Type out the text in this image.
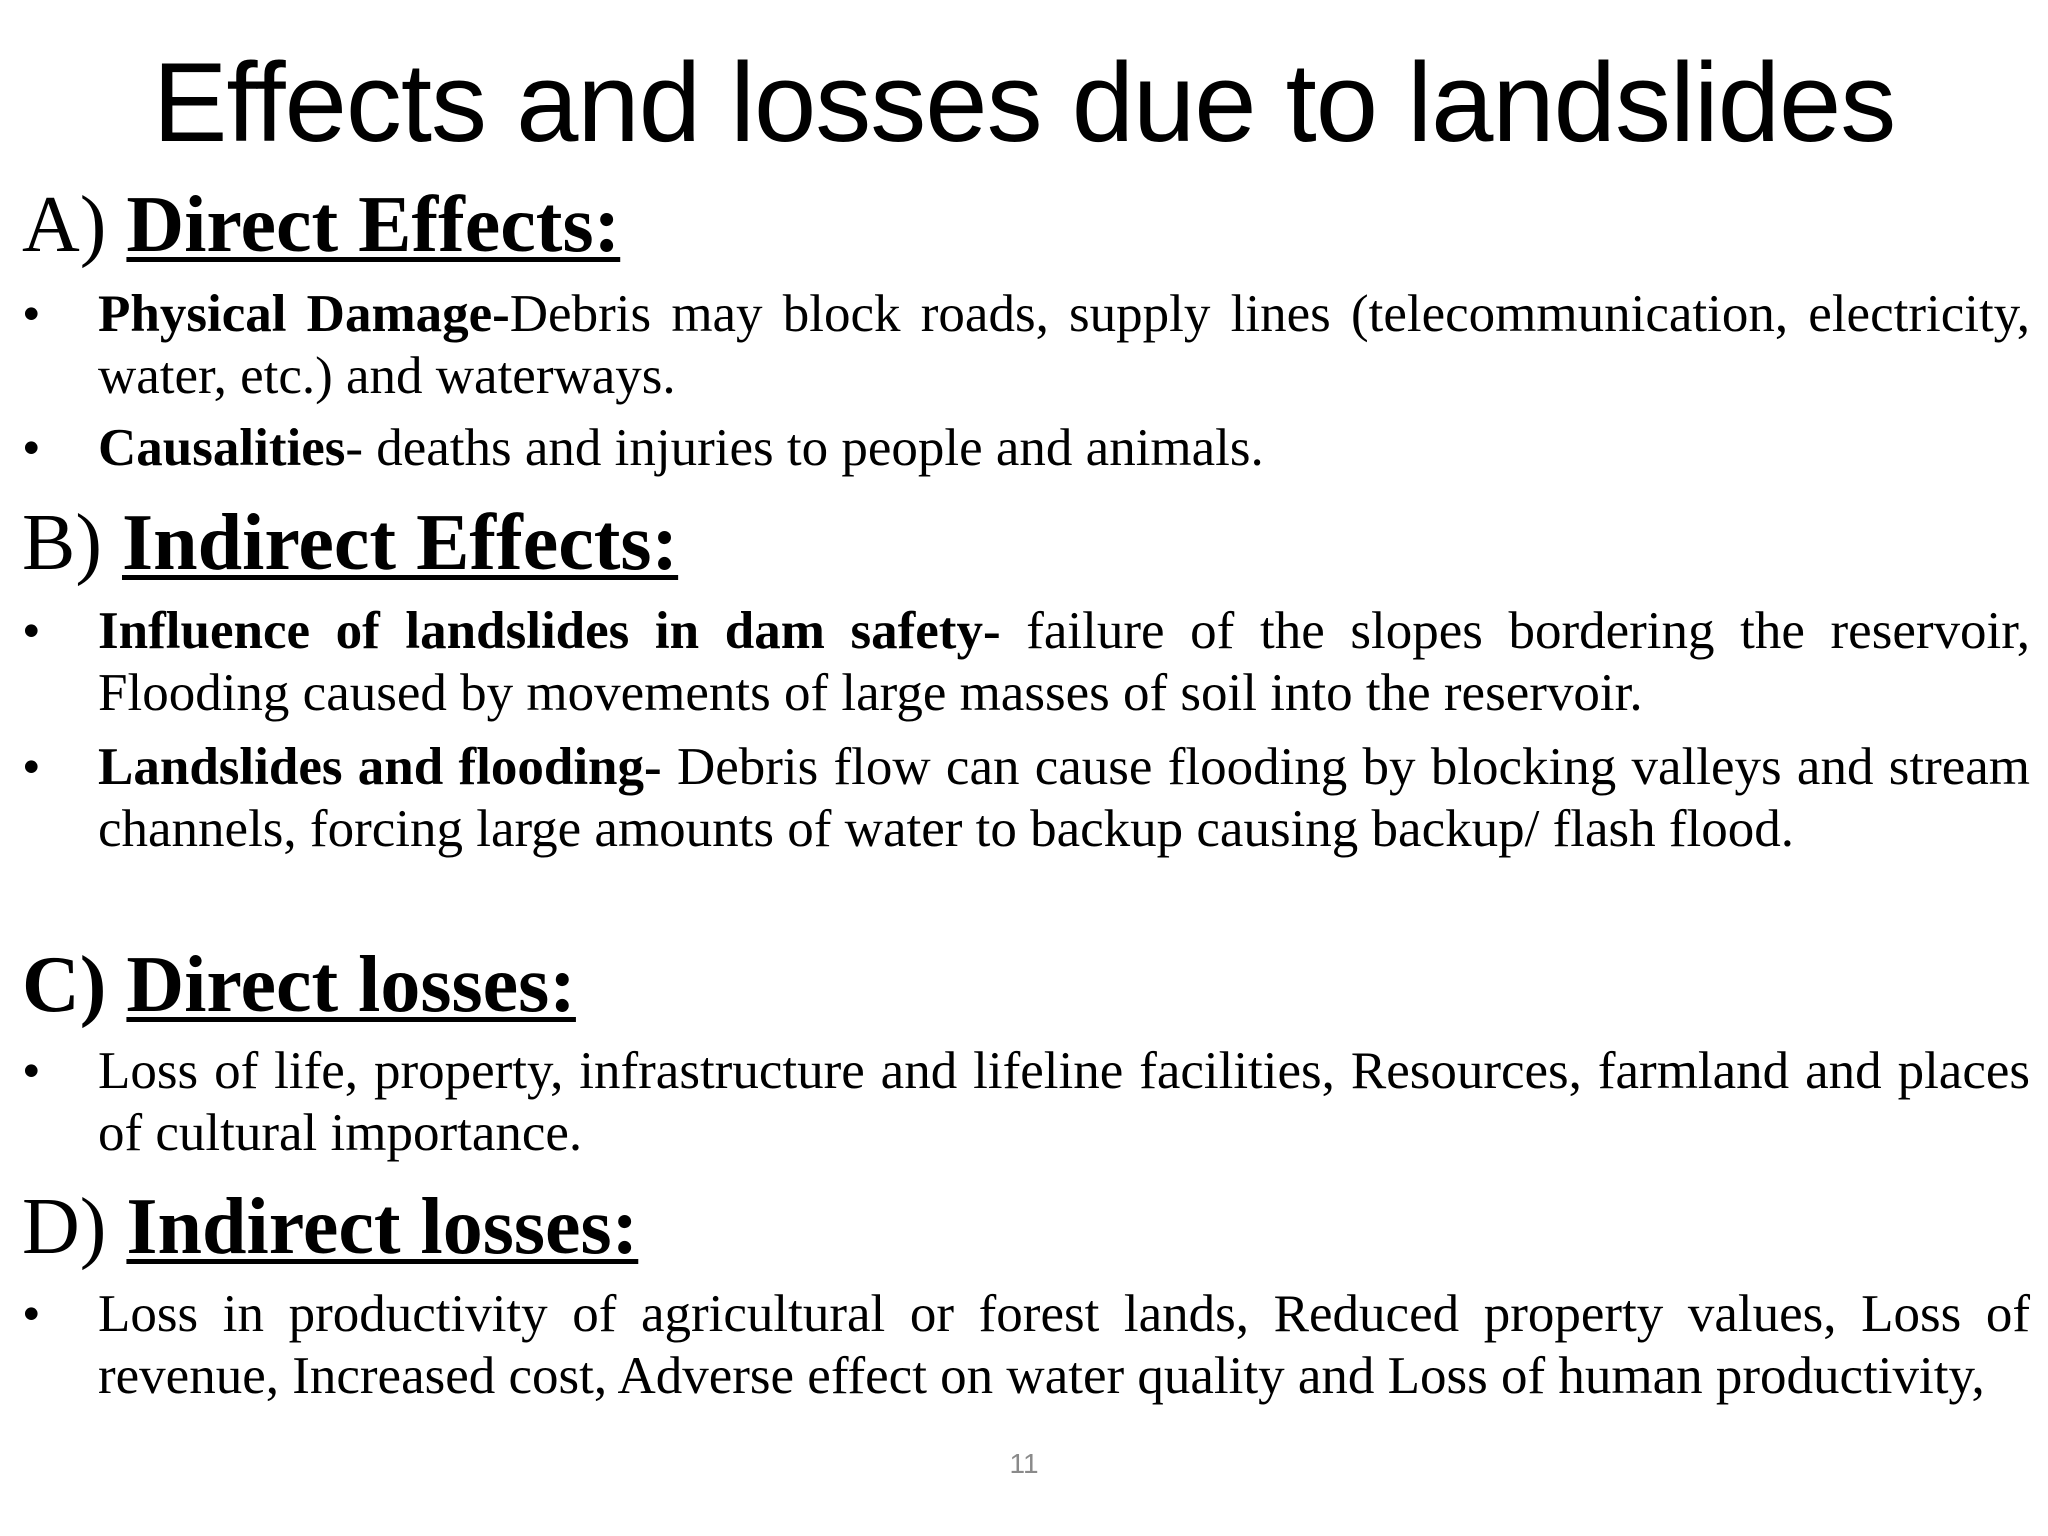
Effects and losses due to landslides
A) Direct Effects:
• Physical Damage-Debris may block roads, supply lines (telecommunication, electricity, water, etc.) and waterways.
• Causalities- deaths and injuries to people and animals.
B) Indirect Effects:
• Influence of landslides in dam safety- failure of the slopes bordering the reservoir, Flooding caused by movements of large masses of soil into the reservoir.
• Landslides and flooding- Debris flow can cause flooding by blocking valleys and stream channels, forcing large amounts of water to backup causing backup/ flash flood.
C) Direct losses:
• Loss of life, property, infrastructure and lifeline facilities, Resources, farmland and places of cultural importance.
D) Indirect losses:
• Loss in productivity of agricultural or forest lands, Reduced property values, Loss of revenue, Increased cost, Adverse effect on water quality and Loss of human productivity,
11
